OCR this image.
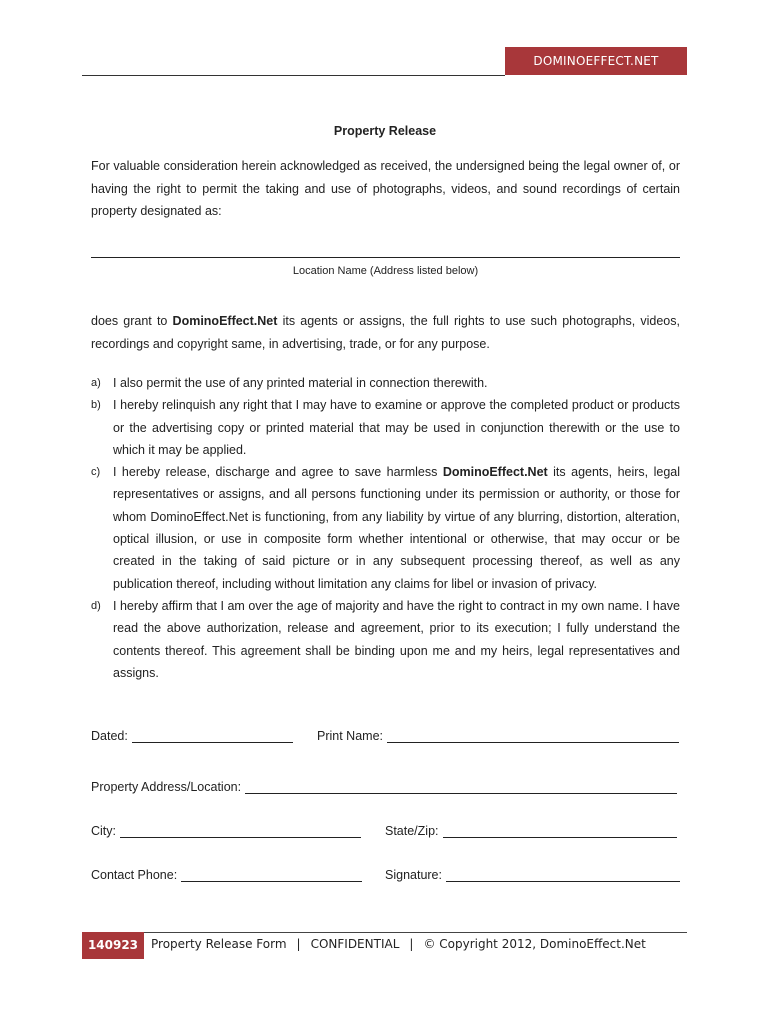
DOMINOEFFECT.NET
Property Release
For valuable consideration herein acknowledged as received, the undersigned being the legal owner of, or having the right to permit the taking and use of photographs, videos, and sound recordings of certain property designated as:
Location Name (Address listed below)
does grant to DominoEffect.Net its agents or assigns, the full rights to use such photographs, videos, recordings and copyright same, in advertising, trade, or for any purpose.
a) I also permit the use of any printed material in connection therewith.
b) I hereby relinquish any right that I may have to examine or approve the completed product or products or the advertising copy or printed material that may be used in conjunction therewith or the use to which it may be applied.
c) I hereby release, discharge and agree to save harmless DominoEffect.Net its agents, heirs, legal representatives or assigns, and all persons functioning under its permission or authority, or those for whom DominoEffect.Net is functioning, from any liability by virtue of any blurring, distortion, alteration, optical illusion, or use in composite form whether intentional or otherwise, that may occur or be created in the taking of said picture or in any subsequent processing thereof, as well as any publication thereof, including without limitation any claims for libel or invasion of privacy.
d) I hereby affirm that I am over the age of majority and have the right to contract in my own name. I have read the above authorization, release and agreement, prior to its execution; I fully understand the contents thereof. This agreement shall be binding upon me and my heirs, legal representatives and assigns.
Dated:	Print Name:
Property Address/Location:
City:	State/Zip:
Contact Phone:	Signature:
140923	Property Release Form | CONFIDENTIAL | © Copyright 2012, DominoEffect.Net
